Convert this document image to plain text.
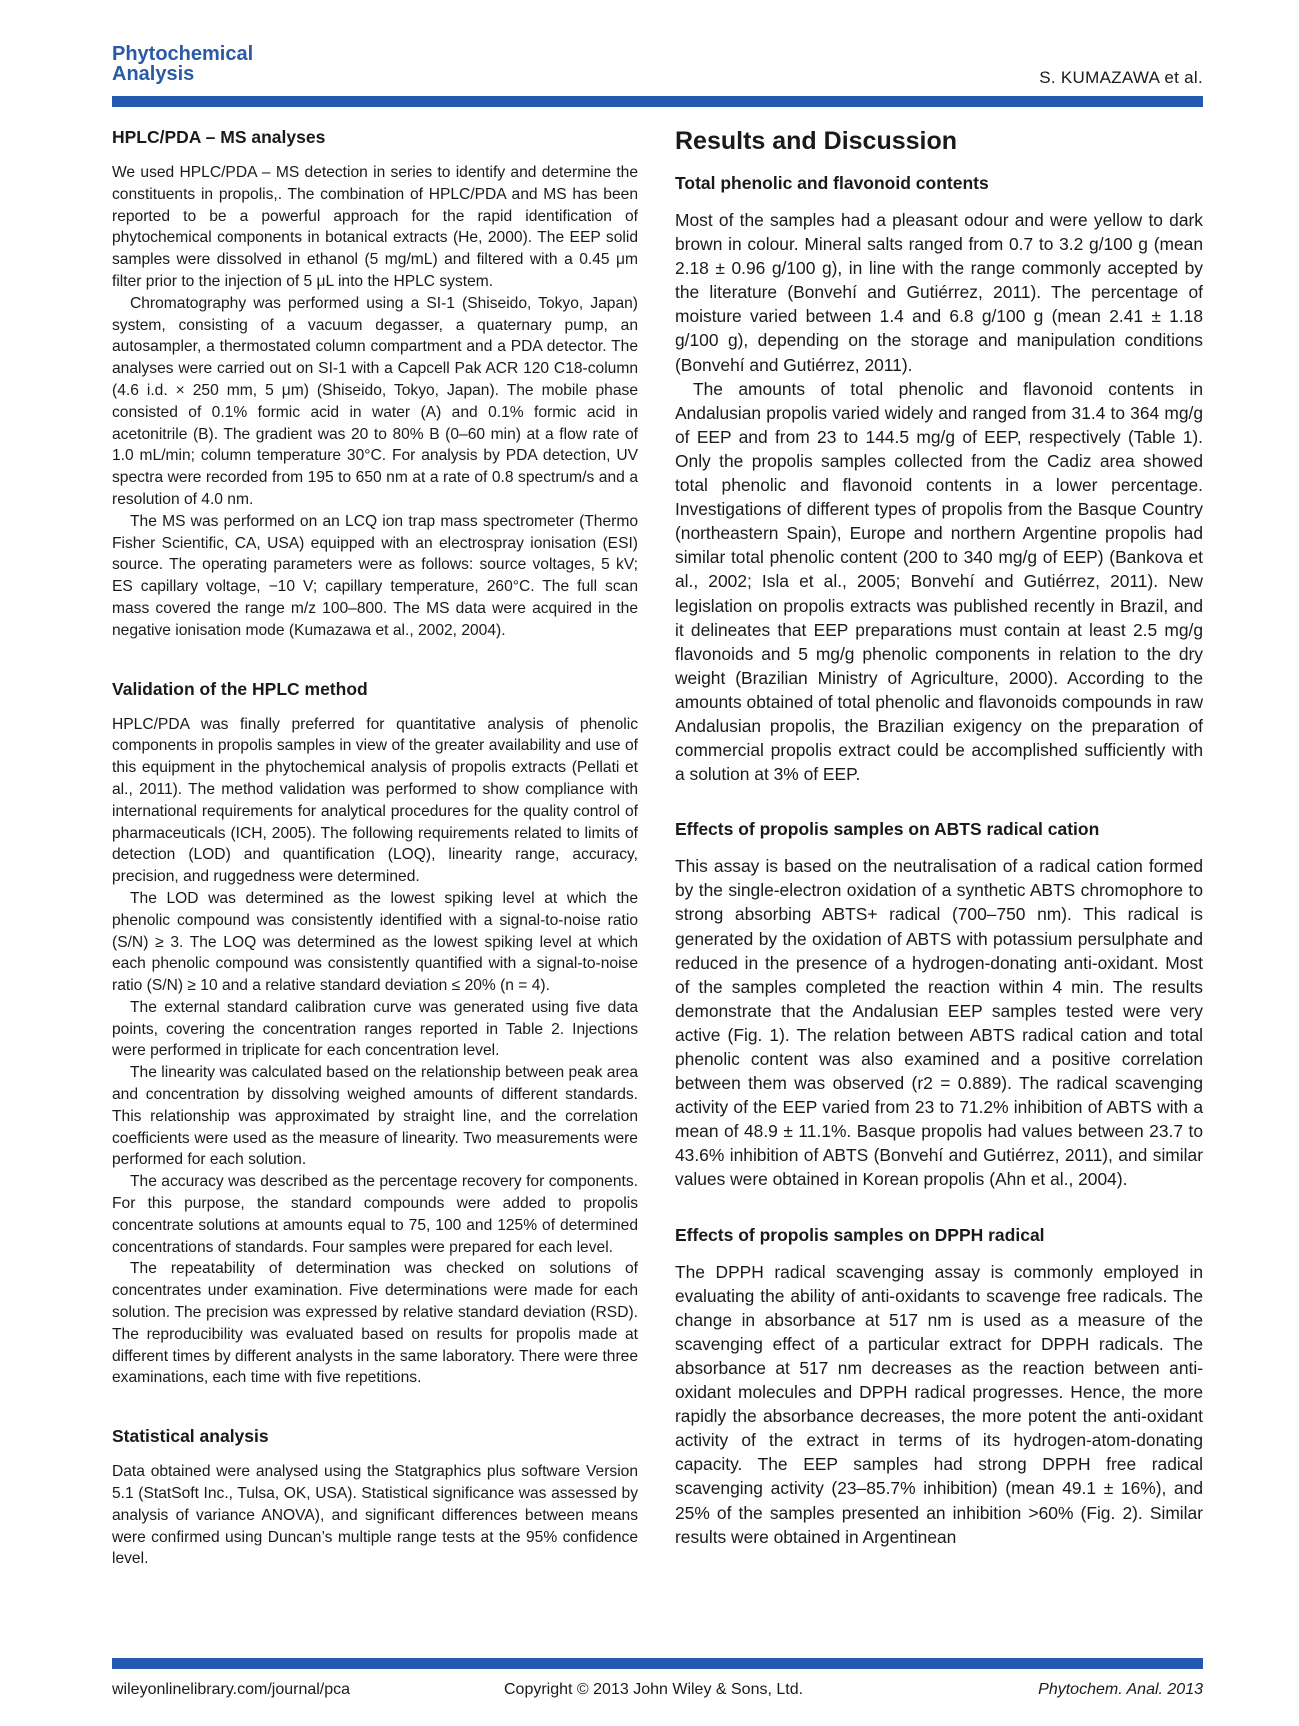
Phytochemical
Analysis	S. KUMAZAWA et al.
HPLC/PDA – MS analyses

We used HPLC/PDA – MS detection in series to identify and determine the constituents in propolis,. The combination of HPLC/PDA and MS has been reported to be a powerful approach for the rapid identification of phytochemical components in botanical extracts (He, 2000). The EEP solid samples were dissolved in ethanol (5 mg/mL) and filtered with a 0.45 μm filter prior to the injection of 5 μL into the HPLC system.

Chromatography was performed using a SI-1 (Shiseido, Tokyo, Japan) system, consisting of a vacuum degasser, a quaternary pump, an autosampler, a thermostated column compartment and a PDA detector. The analyses were carried out on SI-1 with a Capcell Pak ACR 120 C18-column (4.6 i.d. × 250 mm, 5 μm) (Shiseido, Tokyo, Japan). The mobile phase consisted of 0.1% formic acid in water (A) and 0.1% formic acid in acetonitrile (B). The gradient was 20 to 80% B (0–60 min) at a flow rate of 1.0 mL/min; column temperature 30°C. For analysis by PDA detection, UV spectra were recorded from 195 to 650 nm at a rate of 0.8 spectrum/s and a resolution of 4.0 nm.

The MS was performed on an LCQ ion trap mass spectrometer (Thermo Fisher Scientific, CA, USA) equipped with an electrospray ionisation (ESI) source. The operating parameters were as follows: source voltages, 5 kV; ES capillary voltage, −10 V; capillary temperature, 260°C. The full scan mass covered the range m/z 100–800. The MS data were acquired in the negative ionisation mode (Kumazawa et al., 2002, 2004).

Validation of the HPLC method

HPLC/PDA was finally preferred for quantitative analysis of phenolic components in propolis samples in view of the greater availability and use of this equipment in the phytochemical analysis of propolis extracts (Pellati et al., 2011). The method validation was performed to show compliance with international requirements for analytical procedures for the quality control of pharmaceuticals (ICH, 2005). The following requirements related to limits of detection (LOD) and quantification (LOQ), linearity range, accuracy, precision, and ruggedness were determined.

The LOD was determined as the lowest spiking level at which the phenolic compound was consistently identified with a signal-to-noise ratio (S/N) ≥ 3. The LOQ was determined as the lowest spiking level at which each phenolic compound was consistently quantified with a signal-to-noise ratio (S/N) ≥ 10 and a relative standard deviation ≤ 20% (n = 4).

The external standard calibration curve was generated using five data points, covering the concentration ranges reported in Table 2. Injections were performed in triplicate for each concentration level.

The linearity was calculated based on the relationship between peak area and concentration by dissolving weighed amounts of different standards. This relationship was approximated by straight line, and the correlation coefficients were used as the measure of linearity. Two measurements were performed for each solution.

The accuracy was described as the percentage recovery for components. For this purpose, the standard compounds were added to propolis concentrate solutions at amounts equal to 75, 100 and 125% of determined concentrations of standards. Four samples were prepared for each level.

The repeatability of determination was checked on solutions of concentrates under examination. Five determinations were made for each solution. The precision was expressed by relative standard deviation (RSD). The reproducibility was evaluated based on results for propolis made at different times by different analysts in the same laboratory. There were three examinations, each time with five repetitions.

Statistical analysis

Data obtained were analysed using the Statgraphics plus software Version 5.1 (StatSoft Inc., Tulsa, OK, USA). Statistical significance was assessed by analysis of variance ANOVA), and significant differences between means were confirmed using Duncan’s multiple range tests at the 95% confidence level.

Results and Discussion
Total phenolic and flavonoid contents

Most of the samples had a pleasant odour and were yellow to dark brown in colour. Mineral salts ranged from 0.7 to 3.2 g/100 g (mean 2.18 ± 0.96 g/100 g), in line with the range commonly accepted by the literature (Bonvehí and Gutiérrez, 2011). The percentage of moisture varied between 1.4 and 6.8 g/100 g (mean 2.41 ± 1.18 g/100 g), depending on the storage and manipulation conditions (Bonvehí and Gutiérrez, 2011).

The amounts of total phenolic and flavonoid contents in Andalusian propolis varied widely and ranged from 31.4 to 364 mg/g of EEP and from 23 to 144.5 mg/g of EEP, respectively (Table 1). Only the propolis samples collected from the Cadiz area showed total phenolic and flavonoid contents in a lower percentage. Investigations of different types of propolis from the Basque Country (northeastern Spain), Europe and northern Argentine propolis had similar total phenolic content (200 to 340 mg/g of EEP) (Bankova et al., 2002; Isla et al., 2005; Bonvehí and Gutiérrez, 2011). New legislation on propolis extracts was published recently in Brazil, and it delineates that EEP preparations must contain at least 2.5 mg/g flavonoids and 5 mg/g phenolic components in relation to the dry weight (Brazilian Ministry of Agriculture, 2000). According to the amounts obtained of total phenolic and flavonoids compounds in raw Andalusian propolis, the Brazilian exigency on the preparation of commercial propolis extract could be accomplished sufficiently with a solution at 3% of EEP.

Effects of propolis samples on ABTS radical cation

This assay is based on the neutralisation of a radical cation formed by the single-electron oxidation of a synthetic ABTS chromophore to strong absorbing ABTS+ radical (700–750 nm). This radical is generated by the oxidation of ABTS with potassium persulphate and reduced in the presence of a hydrogen-donating anti-oxidant. Most of the samples completed the reaction within 4 min. The results demonstrate that the Andalusian EEP samples tested were very active (Fig. 1). The relation between ABTS radical cation and total phenolic content was also examined and a positive correlation between them was observed (r2 = 0.889). The radical scavenging activity of the EEP varied from 23 to 71.2% inhibition of ABTS with a mean of 48.9 ± 11.1%. Basque propolis had values between 23.7 to 43.6% inhibition of ABTS (Bonvehí and Gutiérrez, 2011), and similar values were obtained in Korean propolis (Ahn et al., 2004).

Effects of propolis samples on DPPH radical

The DPPH radical scavenging assay is commonly employed in evaluating the ability of anti-oxidants to scavenge free radicals. The change in absorbance at 517 nm is used as a measure of the scavenging effect of a particular extract for DPPH radicals. The absorbance at 517 nm decreases as the reaction between anti-oxidant molecules and DPPH radical progresses. Hence, the more rapidly the absorbance decreases, the more potent the anti-oxidant activity of the extract in terms of its hydrogen-atom-donating capacity. The EEP samples had strong DPPH free radical scavenging activity (23–85.7% inhibition) (mean 49.1 ± 16%), and 25% of the samples presented an inhibition >60% (Fig. 2). Similar results were obtained in Argentinean

wileyonlinelibrary.com/journal/pca	Copyright © 2013 John Wiley & Sons, Ltd.	Phytochem. Anal. 2013
